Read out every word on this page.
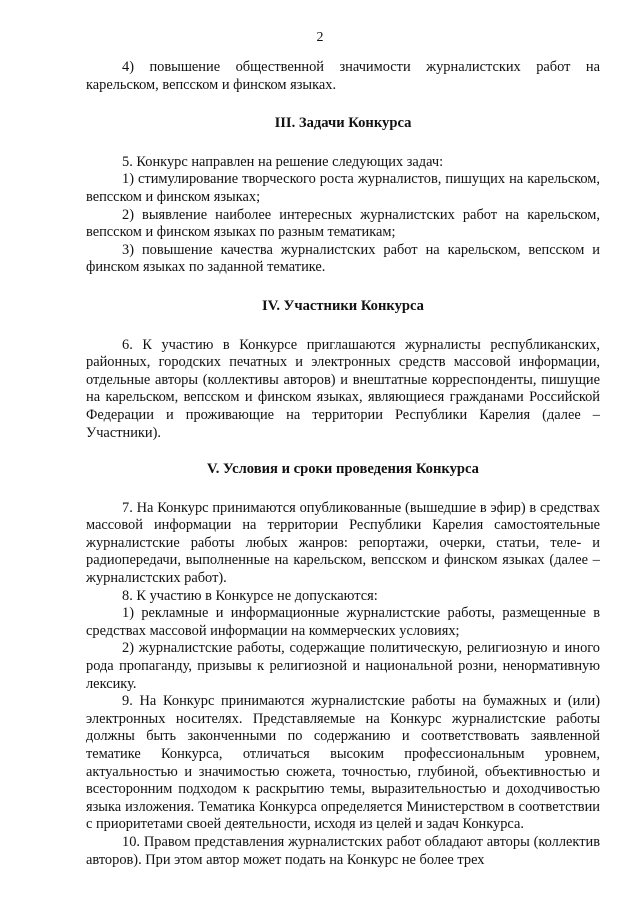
2

4) повышение общественной значимости журналистских работ на карельском, вепсском и финском языках.

III. Задачи Конкурса

5. Конкурс направлен на решение следующих задач:

1) стимулирование творческого роста журналистов, пишущих на карельском, вепсском и финском языках;

2) выявление наиболее интересных журналистских работ на карельском, вепсском и финском языках по разным тематикам;

3) повышение качества журналистских работ на карельском, вепсском и финском языках по заданной тематике.

IV. Участники Конкурса

6. К участию в Конкурсе приглашаются журналисты республиканских, районных, городских печатных и электронных средств массовой информации, отдельные авторы (коллективы авторов) и внештатные корреспонденты, пишущие на карельском, вепсском и финском языках, являющиеся гражданами Российской Федерации и проживающие на территории Республики Карелия (далее – Участники).

V. Условия и сроки проведения Конкурса

7. На Конкурс принимаются опубликованные (вышедшие в эфир) в средствах массовой информации на территории Республики Карелия самостоятельные журналистские работы любых жанров: репортажи, очерки, статьи, теле- и радиопередачи, выполненные на карельском, вепсском и финском языках (далее – журналистских работ).

8. К участию в Конкурсе не допускаются:

1) рекламные и информационные журналистские работы, размещенные в средствах массовой информации на коммерческих условиях;

2) журналистские работы, содержащие политическую, религиозную и иного рода пропаганду, призывы к религиозной и национальной розни, ненормативную лексику.

9. На Конкурс принимаются журналистские работы на бумажных и (или) электронных носителях. Представляемые на Конкурс журналистские работы должны быть законченными по содержанию и соответствовать заявленной тематике Конкурса, отличаться высоким профессиональным уровнем, актуальностью и значимостью сюжета, точностью, глубиной, объективностью и всесторонним подходом к раскрытию темы, выразительностью и доходчивостью языка изложения. Тематика Конкурса определяется Министерством в соответствии с приоритетами своей деятельности, исходя из целей и задач Конкурса.

10. Правом представления журналистских работ обладают авторы (коллектив авторов). При этом автор может подать на Конкурс не более трех
